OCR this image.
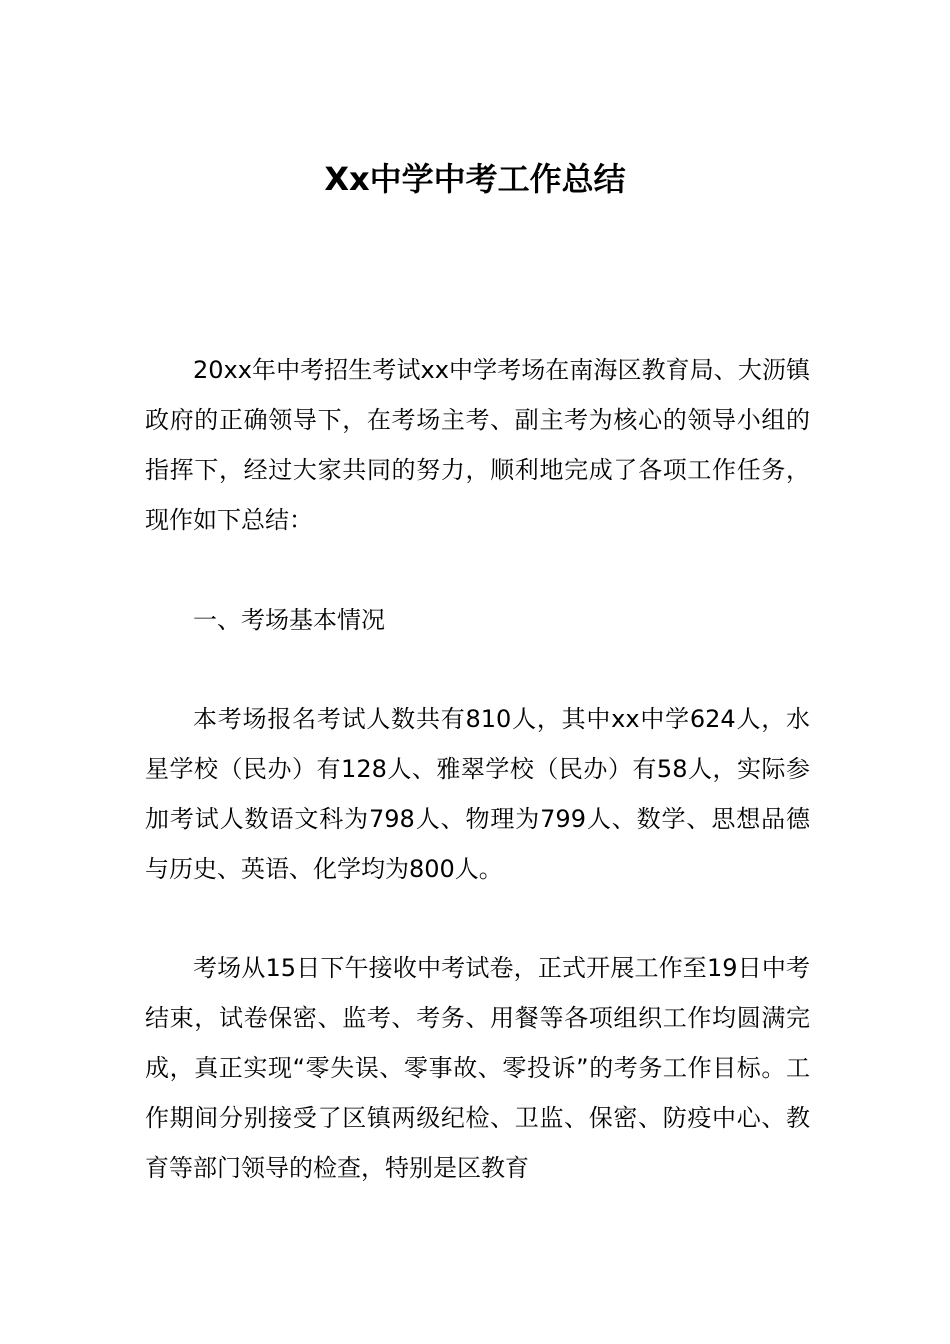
Xx中学中考工作总结

20xx年中考招生考试xx中学考场在南海区教育局、大沥镇政府的正确领导下，在考场主考、副主考为核心的领导小组的指挥下，经过大家共同的努力，顺利地完成了各项工作任务，现作如下总结：

一、考场基本情况

本考场报名考试人数共有810人，其中xx中学624人，水星学校（民办）有128人、雅翠学校（民办）有58人，实际参加考试人数语文科为798人、物理为799人、数学、思想品德与历史、英语、化学均为800人。

考场从15日下午接收中考试卷，正式开展工作至19日中考结束，试卷保密、监考、考务、用餐等各项组织工作均圆满完成，真正实现“零失误、零事故、零投诉”的考务工作目标。工作期间分别接受了区镇两级纪检、卫监、保密、防疫中心、教育等部门领导的检查，特别是区教育
